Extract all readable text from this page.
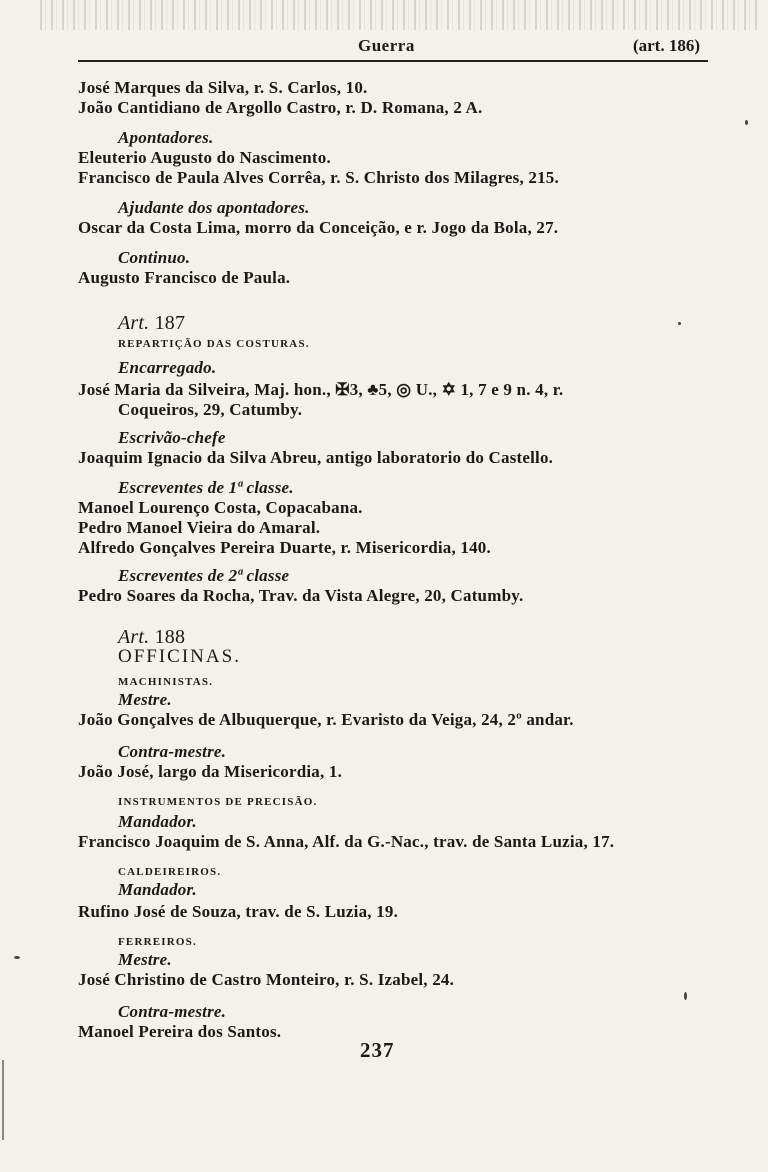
Guerra	(art. 186)
José Marques da Silva, r. S. Carlos, 10.
João Cantidiano de Argollo Castro, r. D. Romana, 2 A.
Apontadores.
Eleuterio Augusto do Nascimento.
Francisco de Paula Alves Corrêa, r. S. Christo dos Milagres, 215.
Ajudante dos apontadores.
Oscar da Costa Lima, morro da Conceição, e r. Jogo da Bola, 27.
Continuo.
Augusto Francisco de Paula.
Art. 187
REPARTIÇÃO DAS COSTURAS.
Encarregado.
José Maria da Silveira, Maj. hon., ✠3, ♣5, ◎ U., ✡ 1, 7 e 9 n. 4, r.
Coqueiros, 29, Catumby.
Escrivão-chefe
Joaquim Ignacio da Silva Abreu, antigo laboratorio do Castello.
Escreventes de 1ª classe.
Manoel Lourenço Costa, Copacabana.
Pedro Manoel Vieira do Amaral.
Alfredo Gonçalves Pereira Duarte, r. Misericordia, 140.
Escreventes de 2ª classe
Pedro Soares da Rocha, Trav. da Vista Alegre, 20, Catumby.
Art. 188
OFFICINAS.
MACHINISTAS.
Mestre.
João Gonçalves de Albuquerque, r. Evaristo da Veiga, 24, 2º andar.
Contra-mestre.
João José, largo da Misericordia, 1.
INSTRUMENTOS DE PRECISÃO.
Mandador.
Francisco Joaquim de S. Anna, Alf. da G.-Nac., trav. de Santa Luzia, 17.
CALDEIREIROS.
Mandador.
Rufino José de Souza, trav. de S. Luzia, 19.
FERREIROS.
Mestre.
José Christino de Castro Monteiro, r. S. Izabel, 24.
Contra-mestre.
Manoel Pereira dos Santos.
237
